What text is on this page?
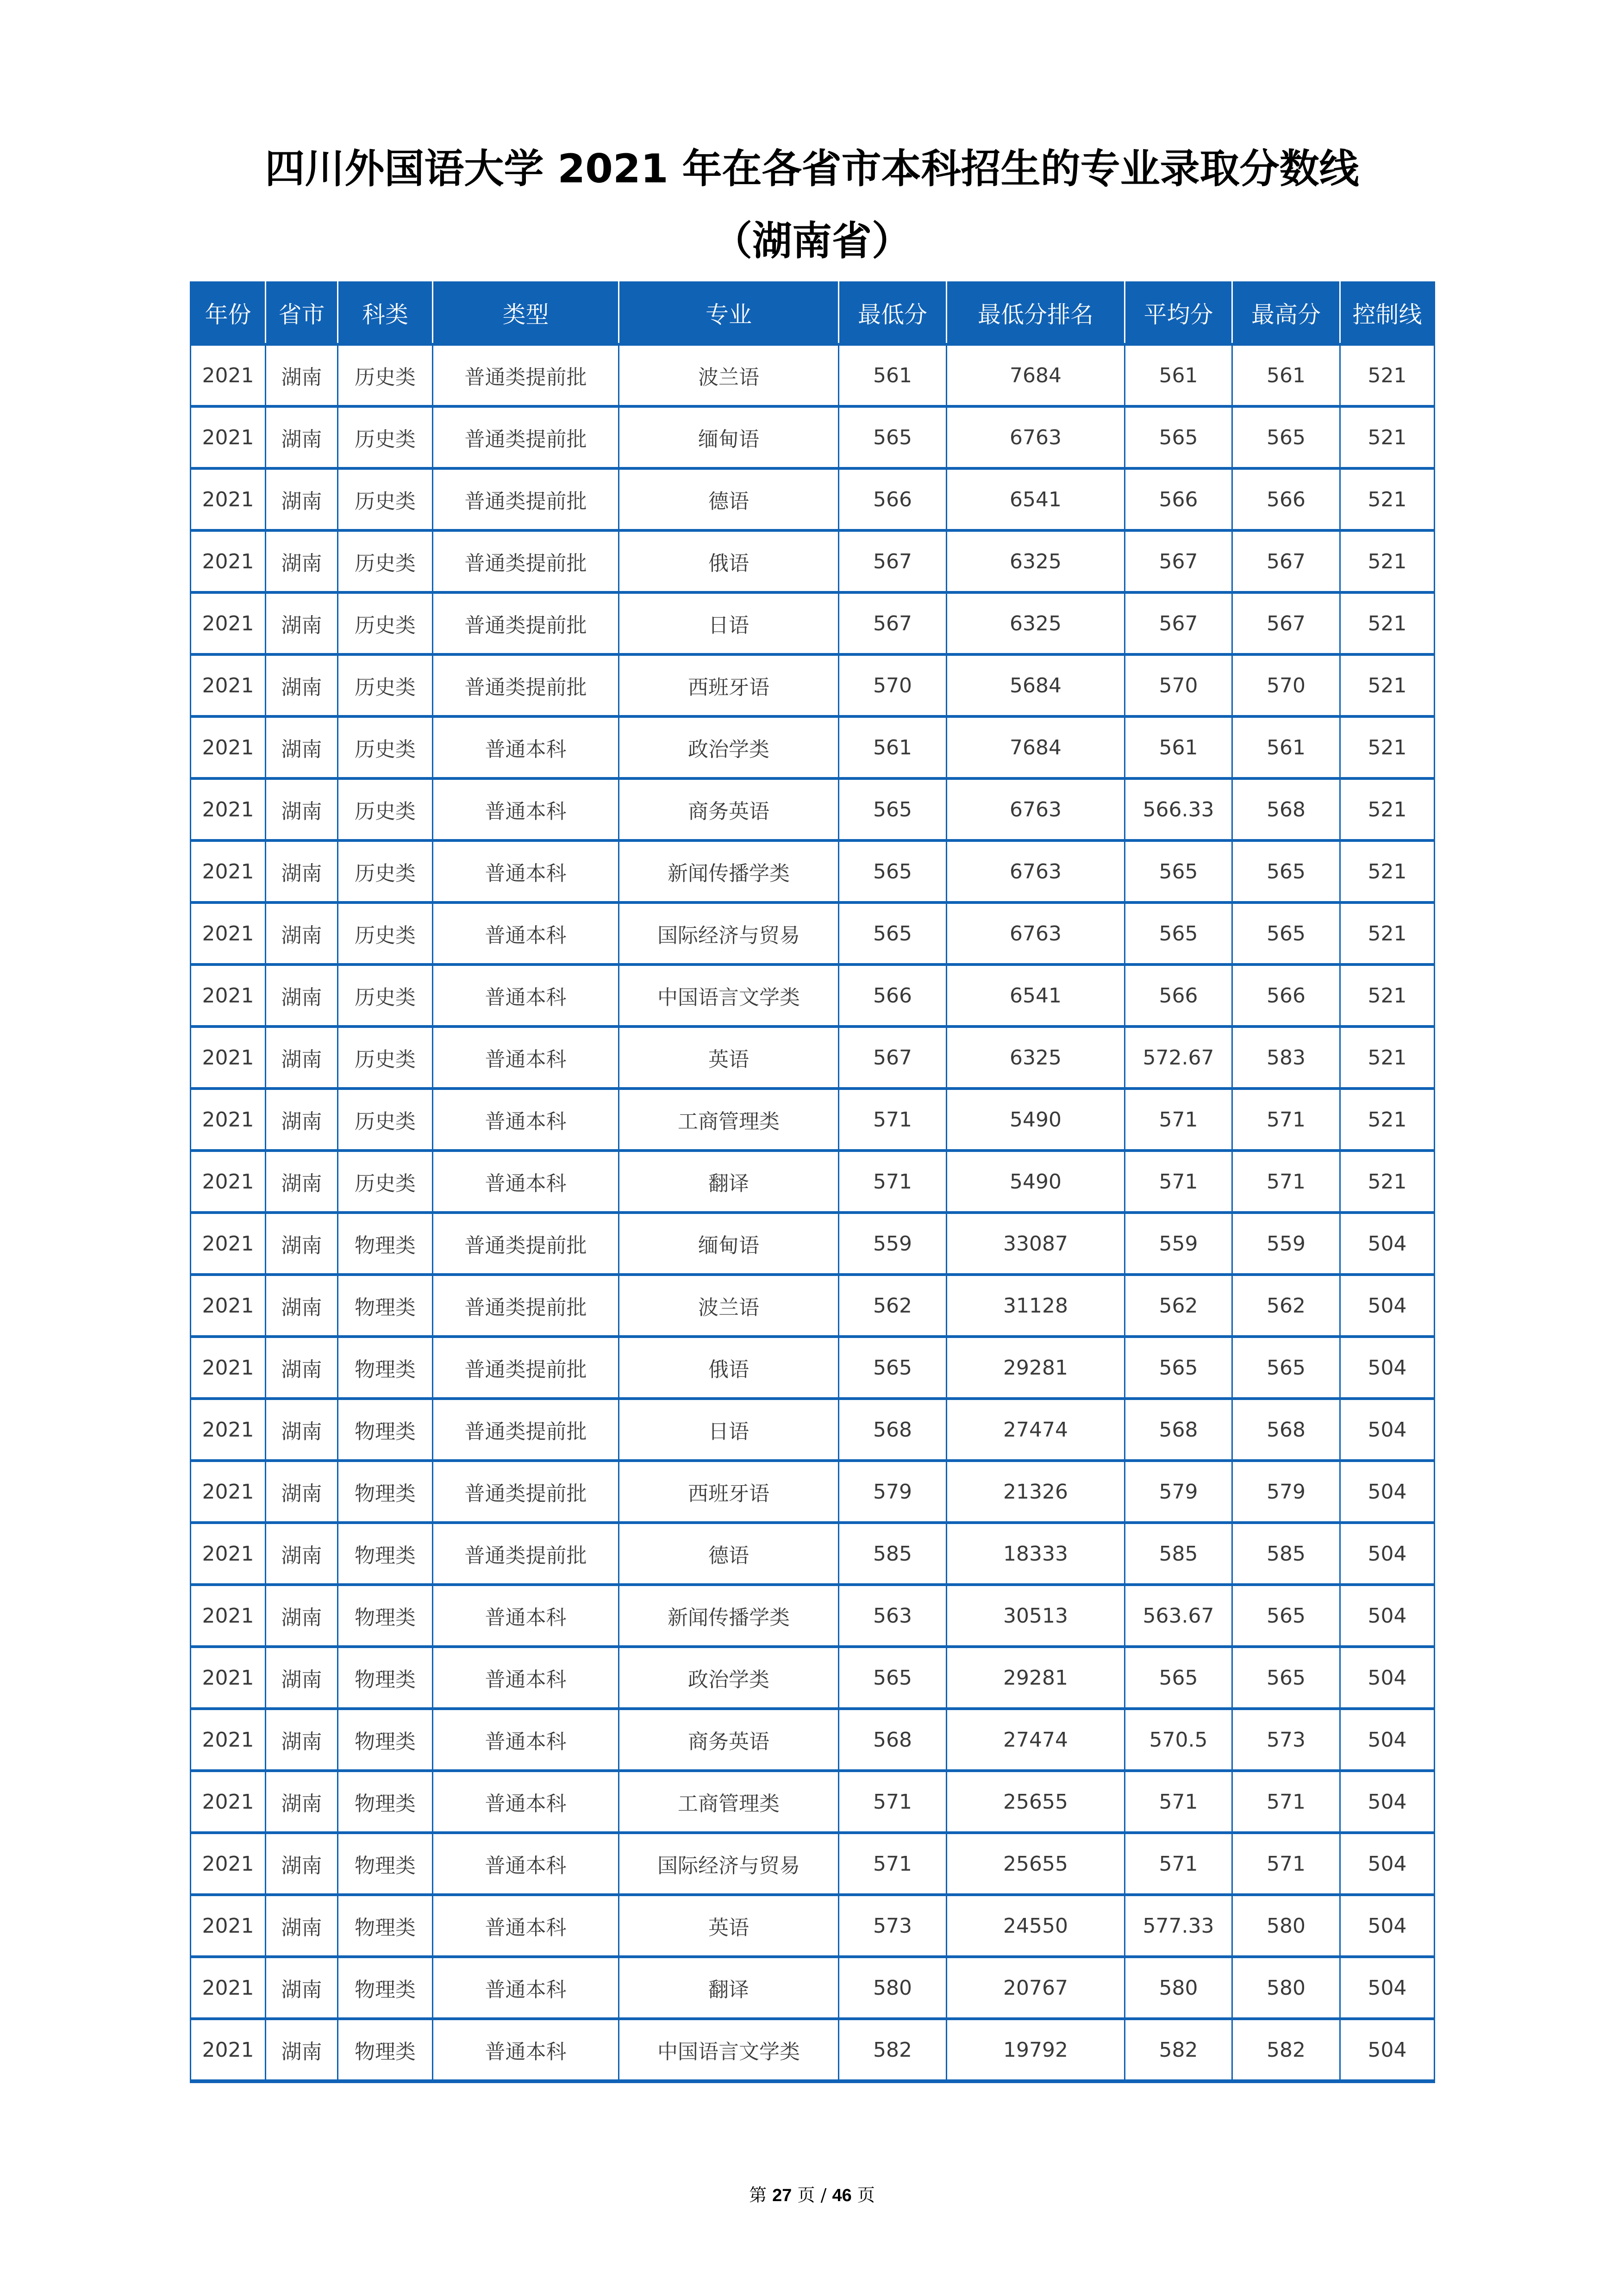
四川外国语大学 2021 年在各省市本科招生的专业录取分数线
（湖南省）
年份	省市	科类	类型	专业	最低分	最低分排名	平均分	最高分	控制线
2021	湖南	历史类	普通类提前批	波兰语	561	7684	561	561	521
2021	湖南	历史类	普通类提前批	缅甸语	565	6763	565	565	521
2021	湖南	历史类	普通类提前批	德语	566	6541	566	566	521
2021	湖南	历史类	普通类提前批	俄语	567	6325	567	567	521
2021	湖南	历史类	普通类提前批	日语	567	6325	567	567	521
2021	湖南	历史类	普通类提前批	西班牙语	570	5684	570	570	521
2021	湖南	历史类	普通本科	政治学类	561	7684	561	561	521
2021	湖南	历史类	普通本科	商务英语	565	6763	566.33	568	521
2021	湖南	历史类	普通本科	新闻传播学类	565	6763	565	565	521
2021	湖南	历史类	普通本科	国际经济与贸易	565	6763	565	565	521
2021	湖南	历史类	普通本科	中国语言文学类	566	6541	566	566	521
2021	湖南	历史类	普通本科	英语	567	6325	572.67	583	521
2021	湖南	历史类	普通本科	工商管理类	571	5490	571	571	521
2021	湖南	历史类	普通本科	翻译	571	5490	571	571	521
2021	湖南	物理类	普通类提前批	缅甸语	559	33087	559	559	504
2021	湖南	物理类	普通类提前批	波兰语	562	31128	562	562	504
2021	湖南	物理类	普通类提前批	俄语	565	29281	565	565	504
2021	湖南	物理类	普通类提前批	日语	568	27474	568	568	504
2021	湖南	物理类	普通类提前批	西班牙语	579	21326	579	579	504
2021	湖南	物理类	普通类提前批	德语	585	18333	585	585	504
2021	湖南	物理类	普通本科	新闻传播学类	563	30513	563.67	565	504
2021	湖南	物理类	普通本科	政治学类	565	29281	565	565	504
2021	湖南	物理类	普通本科	商务英语	568	27474	570.5	573	504
2021	湖南	物理类	普通本科	工商管理类	571	25655	571	571	504
2021	湖南	物理类	普通本科	国际经济与贸易	571	25655	571	571	504
2021	湖南	物理类	普通本科	英语	573	24550	577.33	580	504
2021	湖南	物理类	普通本科	翻译	580	20767	580	580	504
2021	湖南	物理类	普通本科	中国语言文学类	582	19792	582	582	504
第 27 页 / 46 页
